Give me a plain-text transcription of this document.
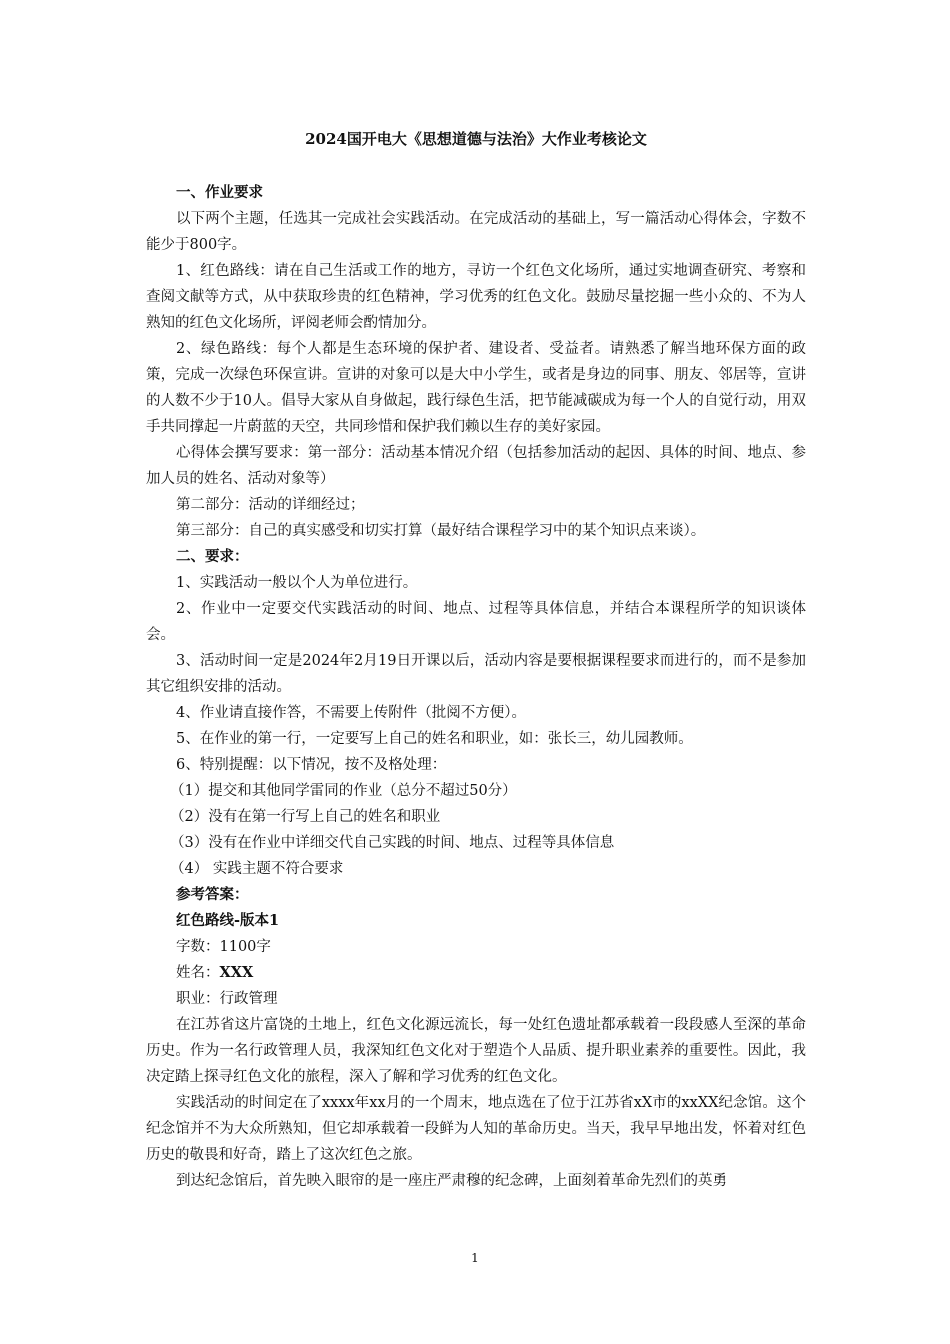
2024国开电大《思想道德与法治》大作业考核论文

一、作业要求

以下两个主题，任选其一完成社会实践活动。在完成活动的基础上，写一篇活动心得体会，字数不能少于800字。

1、红色路线：请在自己生活或工作的地方，寻访一个红色文化场所，通过实地调查研究、考察和查阅文献等方式，从中获取珍贵的红色精神，学习优秀的红色文化。鼓励尽量挖掘一些小众的、不为人熟知的红色文化场所，评阅老师会酌情加分。

2、绿色路线：每个人都是生态环境的保护者、建设者、受益者。请熟悉了解当地环保方面的政策，完成一次绿色环保宣讲。宣讲的对象可以是大中小学生，或者是身边的同事、朋友、邻居等，宣讲的人数不少于10人。倡导大家从自身做起，践行绿色生活，把节能减碳成为每一个人的自觉行动，用双手共同撑起一片蔚蓝的天空，共同珍惜和保护我们赖以生存的美好家园。

心得体会撰写要求：第一部分：活动基本情况介绍（包括参加活动的起因、具体的时间、地点、参加人员的姓名、活动对象等）

第二部分：活动的详细经过；

第三部分：自己的真实感受和切实打算（最好结合课程学习中的某个知识点来谈）。

二、要求：

1、实践活动一般以个人为单位进行。

2、作业中一定要交代实践活动的时间、地点、过程等具体信息，并结合本课程所学的知识谈体会。

3、活动时间一定是2024年2月19日开课以后，活动内容是要根据课程要求而进行的，而不是参加其它组织安排的活动。

4、作业请直接作答，不需要上传附件（批阅不方便）。

5、在作业的第一行，一定要写上自己的姓名和职业，如：张长三，幼儿园教师。

6、特别提醒：以下情况，按不及格处理：

（1）提交和其他同学雷同的作业（总分不超过50分）

（2）没有在第一行写上自己的姓名和职业

（3）没有在作业中详细交代自己实践的时间、地点、过程等具体信息

（4） 实践主题不符合要求

参考答案：

红色路线-版本1

字数：1100字

姓名：XXX

职业：行政管理

在江苏省这片富饶的土地上，红色文化源远流长，每一处红色遗址都承载着一段段感人至深的革命历史。作为一名行政管理人员，我深知红色文化对于塑造个人品质、提升职业素养的重要性。因此，我决定踏上探寻红色文化的旅程，深入了解和学习优秀的红色文化。

实践活动的时间定在了xxxx年xx月的一个周末，地点选在了位于江苏省xX市的xxXX纪念馆。这个纪念馆并不为大众所熟知，但它却承载着一段鲜为人知的革命历史。当天，我早早地出发，怀着对红色历史的敬畏和好奇，踏上了这次红色之旅。

到达纪念馆后，首先映入眼帘的是一座庄严肃穆的纪念碑，上面刻着革命先烈们的英勇

1
